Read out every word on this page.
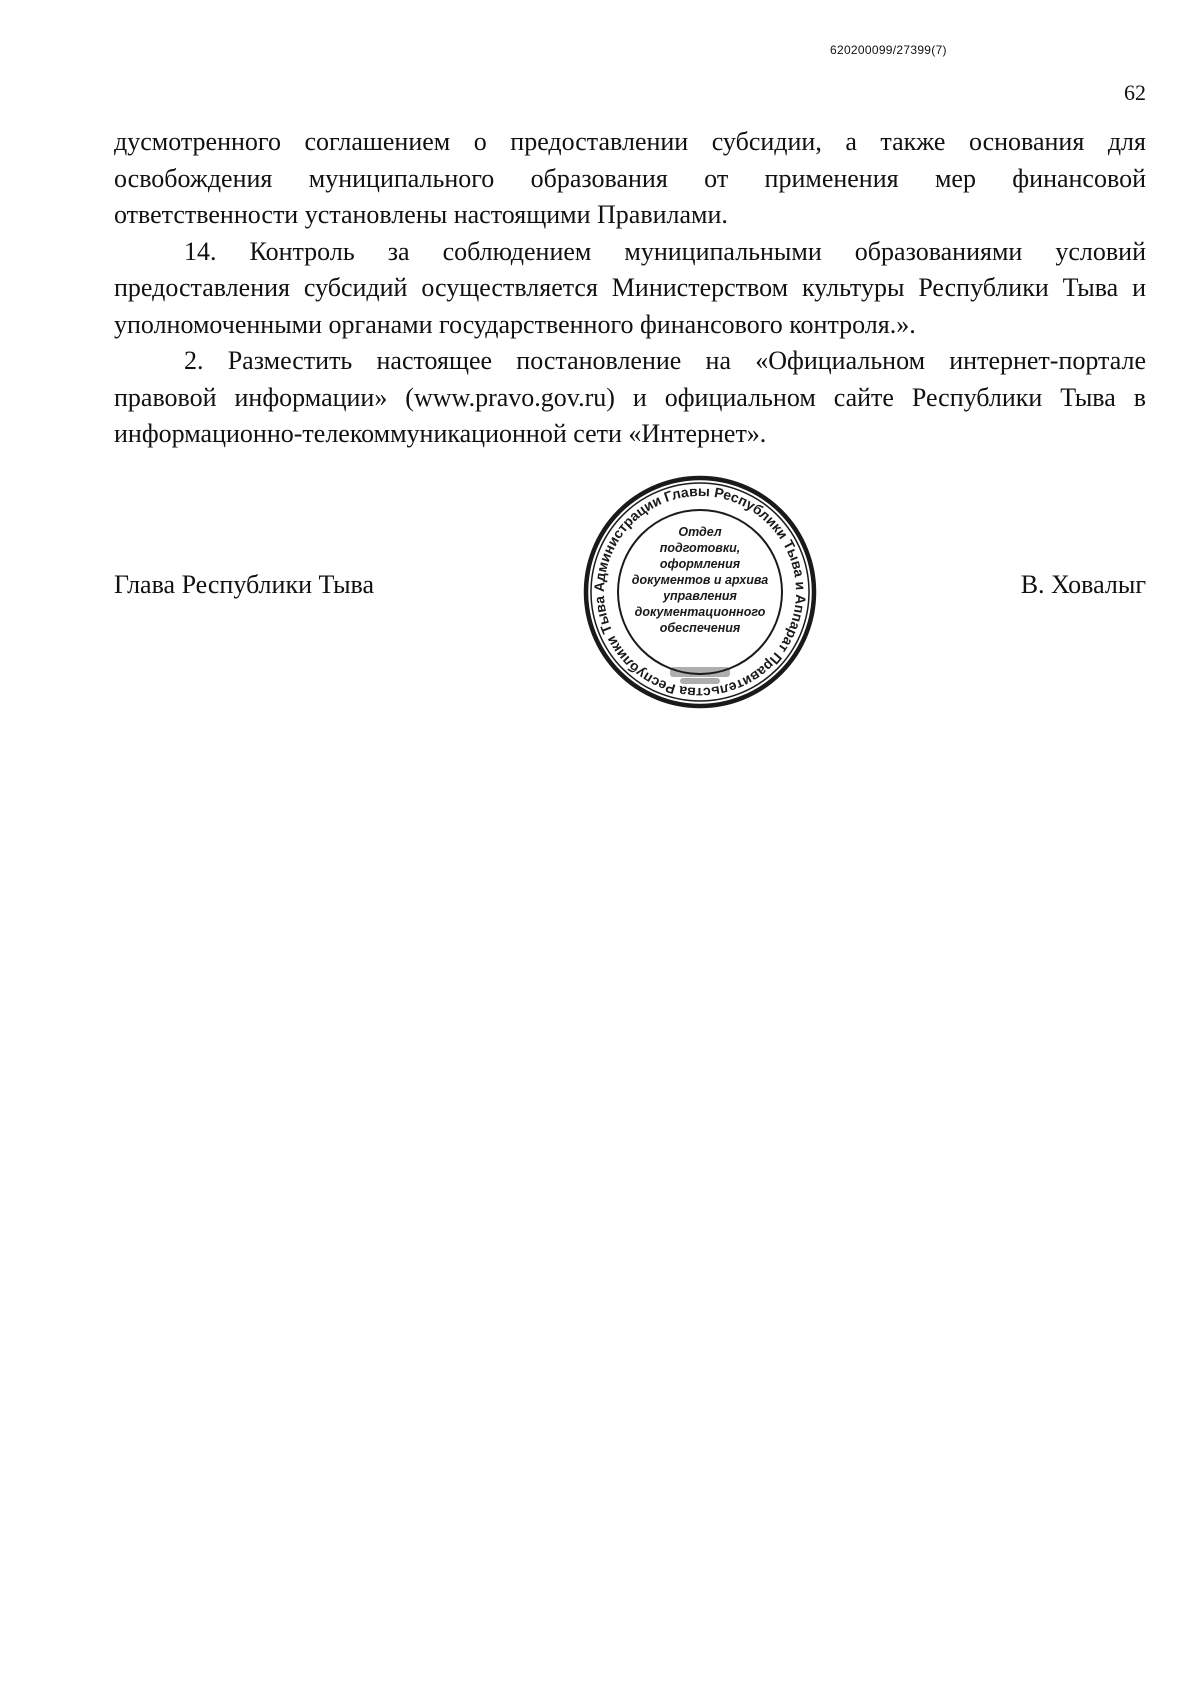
620200099/27399(7)
62

дусмотренного соглашением о предоставлении субсидии, а также основания для освобождения муниципального образования от применения мер финансовой ответственности установлены настоящими Правилами.

14. Контроль за соблюдением муниципальными образованиями условий предоставления субсидий осуществляется Министерством культуры Республики Тыва и уполномоченными органами государственного финансового контроля.».

2. Разместить настоящее постановление на «Официальном интернет-портале правовой информации» (www.pravo.gov.ru) и официальном сайте Республики Тыва в информационно-телекоммуникационной сети «Интернет».

Глава Республики Тыва	В. Ховалыг
Администрации Главы Республики Тыва и Аппарат Правительства Республики Тыва
Отдел
подготовки,
оформления
документов и архива
управления
документационного
обеспечения
